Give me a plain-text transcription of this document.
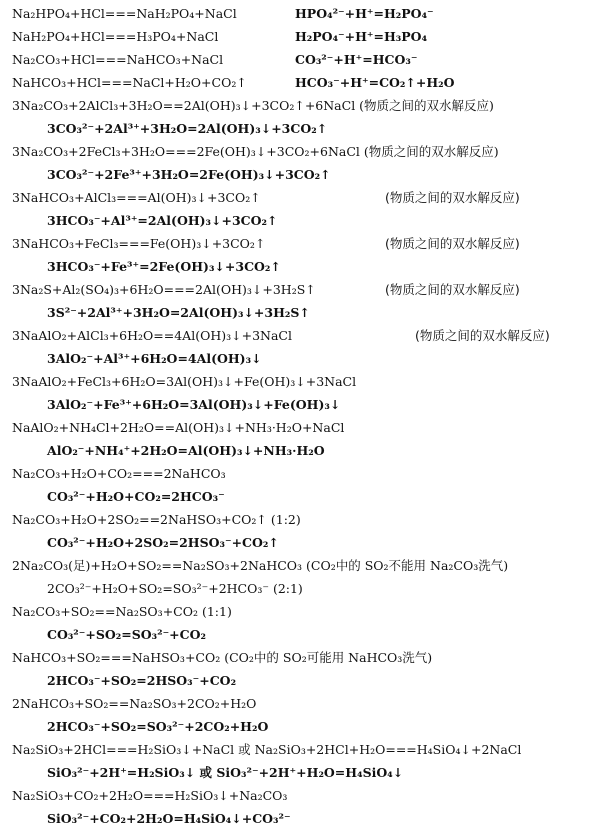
Na₂HPO₄+HCl===NaH₂PO₄+NaCl
NaH₂PO₄+HCl===H₃PO₄+NaCl
Na₂CO₃+HCl===NaHCO₃+NaCl
NaHCO₃+HCl===NaCl+H₂O+CO₂↑
3Na₂CO₃+2AlCl₃+3H₂O==2Al(OH)₃↓+3CO₂↑+6NaCl (物质之间的双水解反应)
3CO₃²⁻+2Al³⁺+3H₂O=2Al(OH)₃↓+3CO₂↑
3Na₂CO₃+2FeCl₃+3H₂O===2Fe(OH)₃↓+3CO₂+6NaCl (物质之间的双水解反应)
3CO₃²⁻+2Fe³⁺+3H₂O=2Fe(OH)₃↓+3CO₂↑
3NaHCO₃+AlCl₃===Al(OH)₃↓+3CO₂↑
3HCO₃⁻+Al³⁺=2Al(OH)₃↓+3CO₂↑
3NaHCO₃+FeCl₃===Fe(OH)₃↓+3CO₂↑
3HCO₃⁻+Fe³⁺=2Fe(OH)₃↓+3CO₂↑
3Na₂S+Al₂(SO₄)₃+6H₂O===2Al(OH)₃↓+3H₂S↑
3S²⁻+2Al³⁺+3H₂O=2Al(OH)₃↓+3H₂S↑
3NaAlO₂+AlCl₃+6H₂O==4Al(OH)₃↓+3NaCl
3AlO₂⁻+Al³⁺+6H₂O=4Al(OH)₃↓
3NaAlO₂+FeCl₃+6H₂O=3Al(OH)₃↓+Fe(OH)₃↓+3NaCl
3AlO₂⁻+Fe³⁺+6H₂O=3Al(OH)₃↓+Fe(OH)₃↓
NaAlO₂+NH₄Cl+2H₂O==Al(OH)₃↓+NH₃·H₂O+NaCl
AlO₂⁻+NH₄⁺+2H₂O=Al(OH)₃↓+NH₃·H₂O
Na₂CO₃+H₂O+CO₂===2NaHCO₃
CO₃²⁻+H₂O+CO₂=2HCO₃⁻
Na₂CO₃+H₂O+2SO₂==2NaHSO₃+CO₂↑ (1:2)
CO₃²⁻+H₂O+2SO₂=2HSO₃⁻+CO₂↑
2Na₂CO₃(足)+H₂O+SO₂==Na₂SO₃+2NaHCO₃ (CO₂中的 SO₂不能用 Na₂CO₃洗气)
2CO₃²⁻+H₂O+SO₂=SO₃²⁻+2HCO₃⁻ (2:1)
Na₂CO₃+SO₂==Na₂SO₃+CO₂ (1:1)
CO₃²⁻+SO₂=SO₃²⁻+CO₂
NaHCO₃+SO₂===NaHSO₃+CO₂ (CO₂中的 SO₂可能用 NaHCO₃洗气)
2HCO₃⁻+SO₂=2HSO₃⁻+CO₂
2NaHCO₃+SO₂==Na₂SO₃+2CO₂+H₂O
2HCO₃⁻+SO₂=SO₃²⁻+2CO₂+H₂O
Na₂SiO₃+2HCl===H₂SiO₃↓+NaCl 或 Na₂SiO₃+2HCl+H₂O===H₄SiO₄↓+2NaCl
SiO₃²⁻+2H⁺=H₂SiO₃↓ 或 SiO₃²⁻+2H⁺+H₂O=H₄SiO₄↓
Na₂SiO₃+CO₂+2H₂O===H₂SiO₃↓+Na₂CO₃
SiO₃²⁻+CO₂+2H₂O=H₄SiO₄↓+CO₃²⁻
HPO₄²⁻+H⁺=H₂PO₄⁻
H₂PO₄⁻+H⁺=H₃PO₄
CO₃²⁻+H⁺=HCO₃⁻
HCO₃⁻+H⁺=CO₂↑+H₂O
(物质之间的双水解反应)
(物质之间的双水解反应)
(物质之间的双水解反应)
(物质之间的双水解反应)
